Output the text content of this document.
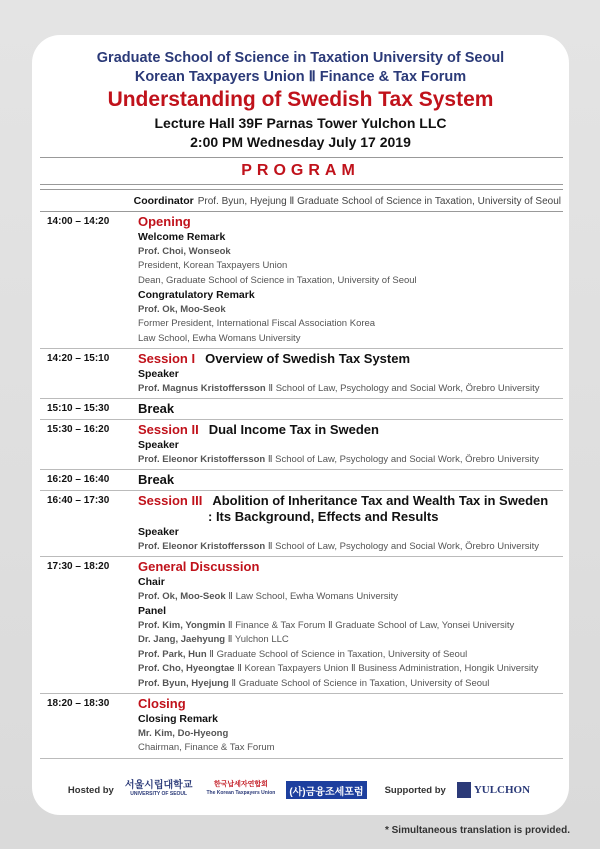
Graduate School of Science in Taxation University of Seoul
Korean Taxpayers Union Ⅱ Finance & Tax Forum
Understanding of Swedish Tax System
Lecture Hall 39F Parnas Tower Yulchon LLC
2:00 PM Wednesday July 17 2019
PROGRAM
Coordinator Prof. Byun, Hyejung Ⅱ Graduate School of Science in Taxation, University of Seoul
14:00 – 14:20	Opening
Welcome Remark
Prof. Choi, Wonseok
President, Korean Taxpayers Union
Dean, Graduate School of Science in Taxation, University of Seoul
Congratulatory Remark
Prof. Ok, Moo-Seok
Former President, International Fiscal Association Korea
Law School, Ewha Womans University
14:20 – 15:10	Session I Overview of Swedish Tax System
Speaker
Prof. Magnus Kristoffersson Ⅱ School of Law, Psychology and Social Work, Örebro University
15:10 – 15:30	Break
15:30 – 16:20	Session II Dual Income Tax in Sweden
Speaker
Prof. Eleonor Kristoffersson Ⅱ School of Law, Psychology and Social Work, Örebro University
16:20 – 16:40	Break
16:40 – 17:30	Session III Abolition of Inheritance Tax and Wealth Tax in Sweden
: Its Background, Effects and Results
Speaker
Prof. Eleonor Kristoffersson Ⅱ School of Law, Psychology and Social Work, Örebro University
17:30 – 18:20	General Discussion
Chair
Prof. Ok, Moo-Seok Ⅱ Law School, Ewha Womans University
Panel
Prof. Kim, Yongmin Ⅱ Finance & Tax Forum Ⅱ Graduate School of Law, Yonsei University
Dr. Jang, Jaehyung Ⅱ Yulchon LLC
Prof. Park, Hun Ⅱ Graduate School of Science in Taxation, University of Seoul
Prof. Cho, Hyeongtae Ⅱ Korean Taxpayers Union Ⅱ Business Administration, Hongik University
Prof. Byun, Hyejung Ⅱ Graduate School of Science in Taxation, University of Seoul
18:20 – 18:30	Closing
Closing Remark
Mr. Kim, Do-Hyeong
Chairman, Finance & Tax Forum
Hosted by 서울시립대학교
UNIVERSITY OF SEOUL
한국납세자연합회
The Korean Taxpayers Union	(사)금융조세포럼	Supported by	YULCHON
* Simultaneous translation is provided.
